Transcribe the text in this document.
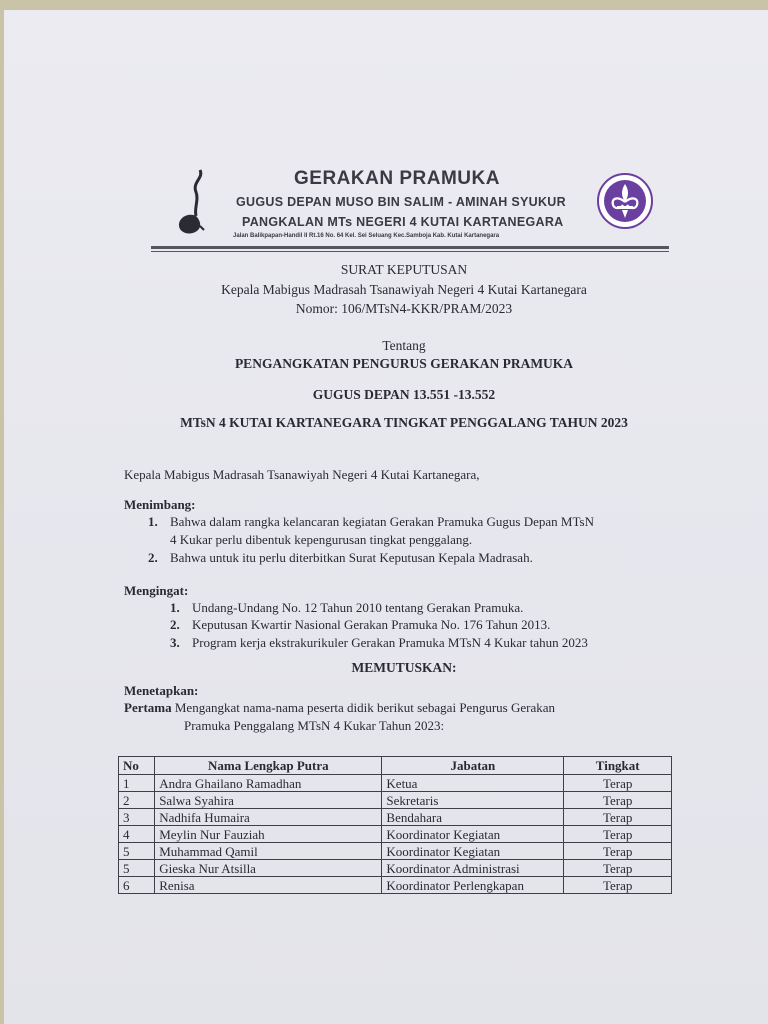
GERAKAN PRAMUKA
GUGUS DEPAN MUSO BIN SALIM - AMINAH SYUKUR
PANGKALAN MTs NEGERI 4 KUTAI KARTANEGARA
Jalan Balikpapan-Handil II Rt.16 No. 64 Kel. Sei Seluang Kec.Samboja Kab. Kutai Kartanegara
SURAT KEPUTUSAN
Kepala Mabigus Madrasah Tsanawiyah Negeri 4 Kutai Kartanegara
Nomor: 106/MTsN4-KKR/PRAM/2023
Tentang
PENGANGKATAN PENGURUS GERAKAN PRAMUKA
GUGUS DEPAN 13.551 -13.552
MTsN 4 KUTAI KARTANEGARA TINGKAT PENGGALANG TAHUN 2023
Kepala Mabigus Madrasah Tsanawiyah Negeri 4 Kutai Kartanegara,
Menimbang:
1. Bahwa dalam rangka kelancaran kegiatan Gerakan Pramuka Gugus Depan MTsN
4 Kukar perlu dibentuk kepengurusan tingkat penggalang.
2. Bahwa untuk itu perlu diterbitkan Surat Keputusan Kepala Madrasah.
Mengingat:
1. Undang-Undang No. 12 Tahun 2010 tentang Gerakan Pramuka.
2. Keputusan Kwartir Nasional Gerakan Pramuka No. 176 Tahun 2013.
3. Program kerja ekstrakurikuler Gerakan Pramuka MTsN 4 Kukar tahun 2023
MEMUTUSKAN:
Menetapkan:
Pertama
: Mengangkat nama-nama peserta didik berikut sebagai Pengurus Gerakan
Pramuka Penggalang MTsN 4 Kukar Tahun 2023:
No	Nama Lengkap Putra	Jabatan	Tingkat
1	Andra Ghailano Ramadhan	Ketua	Terap
2	Salwa Syahira	Sekretaris	Terap
3	Nadhifa Humaira	Bendahara	Terap
4	Meylin Nur Fauziah	Koordinator Kegiatan	Terap
5	Muhammad Qamil	Koordinator Kegiatan	Terap
5	Gieska Nur Atsilla	Koordinator Administrasi	Terap
6	Renisa	Koordinator Perlengkapan	Terap
